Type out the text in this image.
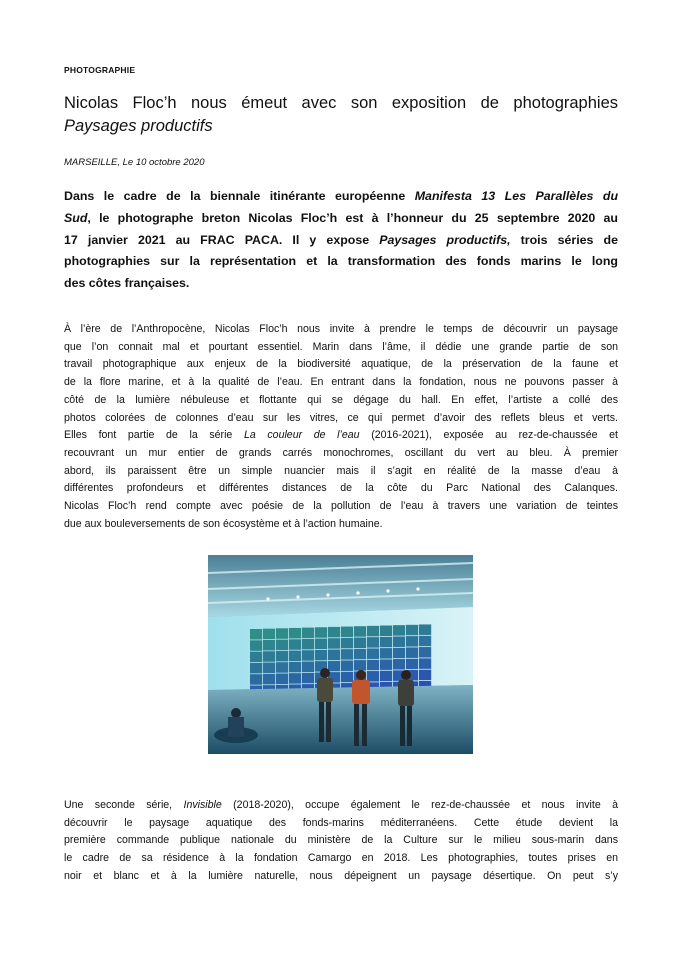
PHOTOGRAPHIE
Nicolas Floc’h nous émeut avec son exposition de photographies
Paysages productifs
MARSEILLE, Le 10 octobre 2020
Dans le cadre de la biennale itinérante européenne Manifesta 13 Les Parallèles du
Sud, le photographe breton Nicolas Floc’h est à l’honneur du 25 septembre 2020 au
17 janvier 2021 au FRAC PACA. Il y expose Paysages productifs, trois séries de
photographies sur la représentation et la transformation des fonds marins le long
des côtes françaises.
À l’ère de l’Anthropocène, Nicolas Floc’h nous invite à prendre le temps de découvrir un paysage
que l’on connait mal et pourtant essentiel. Marin dans l’âme, il dédie une grande partie de son
travail photographique aux enjeux de la biodiversité aquatique, de la préservation de la faune et
de la flore marine, et à la qualité de l’eau. En entrant dans la fondation, nous ne pouvons passer à
côté de la lumière nébuleuse et flottante qui se dégage du hall. En effet, l’artiste a collé des
photos colorées de colonnes d’eau sur les vitres, ce qui permet d’avoir des reflets bleus et verts.
Elles font partie de la série La couleur de l’eau (2016-2021), exposée au rez-de-chaussée et
recouvrant un mur entier de grands carrés monochromes, oscillant du vert au bleu. À premier
abord, ils paraissent être un simple nuancier mais il s’agit en réalité de la masse d’eau à
différentes profondeurs et différentes distances de la côte du Parc National des Calanques.
Nicolas Floc’h rend compte avec poésie de la pollution de l’eau à travers une variation de teintes
due aux bouleversements de son écosystème et à l’action humaine.
Une seconde série, Invisible (2018-2020), occupe également le rez-de-chaussée et nous invite à
découvrir le paysage aquatique des fonds-marins méditerranéens. Cette étude devient la
première commande publique nationale du ministère de la Culture sur le milieu sous-marin dans
le cadre de sa résidence à la fondation Camargo en 2018. Les photographies, toutes prises en
noir et blanc et à la lumière naturelle, nous dépeignent un paysage désertique. On peut s’y
